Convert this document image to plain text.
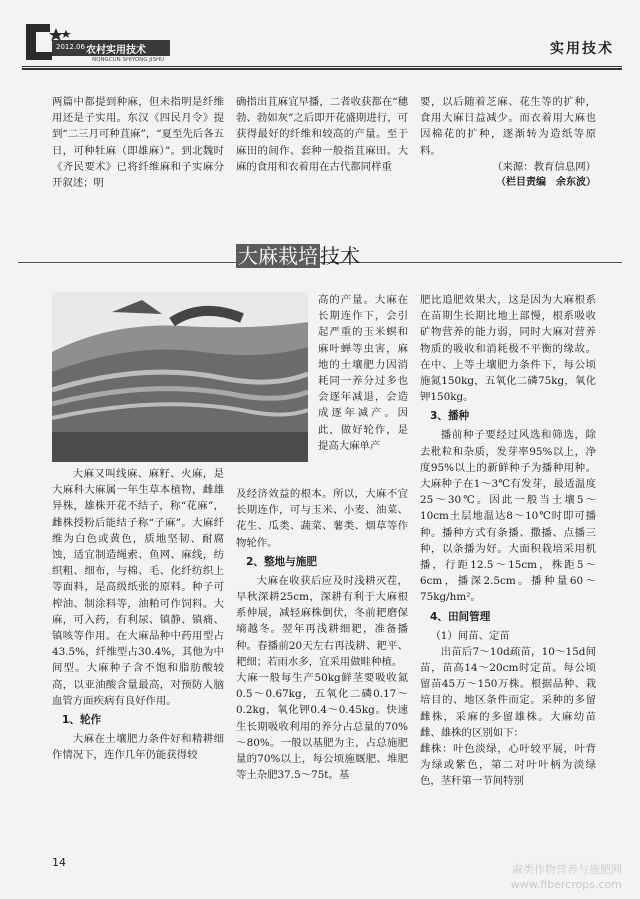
2012.06 农村实用技术
NONGCUN SHIYONG JISHU
实用技术

两篇中都提到种麻，但未指明是纤维用还是子实用。东汉《四民月令》提到“二三月可种苴麻”，“夏至先后各五日，可种牡麻（即雄麻）”。到北魏时《齐民要术》已将纤维麻和子实麻分开叙述；明

确指出苴麻宜早播，二者收获都在“穗勃、勃如灰”之后即开花盛期进行，可获得最好的纤维和较高的产量。至于麻田的间作、套种一般指苴麻田。大麻的食用和衣着用在古代都同样重

要，以后随着芝麻、花生等的扩种，食用大麻日益减少。而衣着用大麻也因棉花的扩种，逐渐转为造纸等原料。

（来源：教育信息网）

（栏目责编　余东波）

大麻栽培 技术

大麻又叫线麻、麻籽、火麻，是大麻科大麻属一年生草本植物，雌雄异株，雄株开花不结子，称“花麻”，雌株授粉后能结子称“子麻”。大麻纤维为白色或黄色，质地坚韧、耐腐蚀，适宜制造绳索、鱼网、麻线，纺织粗、细布，与棉、毛、化纤纺织上等面料，是高级纸张的原料。种子可榨油、制涂料等，油粕可作饲料。大麻，可入药，有利尿、镇静、镇痛、镇咳等作用。在大麻品种中药用型占43.5%，纤维型占30.4%，其他为中间型。大麻种子含不饱和脂肪酸较高，以亚油酸含量最高，对预防人脑血管方面疾病有良好作用。

1、轮作

大麻在土壤肥力条件好和精耕细作情况下，连作几年仍能获得较

高的产量。大麻在长期连作下，会引起严重的玉米螟和麻叶蝉等虫害，麻地的土壤肥力因消耗同一养分过多也会逐年减退，会造成逐年减产。因此，做好轮作，是提高大麻单产

及经济效益的根本。所以，大麻不宜长期连作，可与玉米、小麦、油菜、花生、瓜类、蔬菜、薯类、烟草等作物轮作。

2、整地与施肥

大麻在收获后应及时浅耕灭茬，早秋深耕25cm，深耕有利于大麻根系伸展，减轻麻株倒伏，冬前耙磨保墒越冬。翌年再浅耕细耙，准备播种。春播前20天左右再浅耕、耙平、耙细；若雨水多，宜采用做畦种植。
大麻一般每生产50kg鲜茎要吸收氮0.5～0.67kg，五氧化二磷0.17～0.2kg，氧化钾0.4～0.45kg。快速生长期吸收利用的养分占总量的70%～80%。一般以基肥为主，占总施肥量的70%以上，每公顷施厩肥、堆肥等土杂肥37.5～75t。基

肥比追肥效果大，这是因为大麻根系在苗期生长期比地上部慢，根系吸收矿物营养的能力弱，同时大麻对营养物质的吸收和消耗极不平衡的缘故。在中、上等土壤肥力条件下，每公顷施氮150kg，五氧化二磷75kg，氧化钾150kg。

3、播种

播前种子要经过风选和筛选，除去秕粒和杂质，发芽率95%以上，净度95%以上的新鲜种子为播种用种。大麻种子在1～3℃有发芽，最适温度25～30℃。因此一般当土壤5～10cm土层地温达8～10℃时即可播种。播种方式有条播、撒播、点播三种，以条播为好。大面积栽培采用机播，行距12.5～15cm，株距5～6cm，播深2.5cm。播种量60～75kg/hm²。

4、田间管理

（1）间苗、定苗

出苗后7～10d疏苗，10～15d间苗，苗高14～20cm时定苗。每公顷留苗45万～150万株。根据品种、栽培目的、地区条件而定。采种的多留雌株，采麻的多留雄株。大麻幼苗雌、雄株的区别如下：
雌株：叶色淡绿，心叶较平展，叶背为绿或紫色，第二对叶叶柄为淡绿色，茎秆第一节间特别

14
麻类作物营养与施肥网
www.fibercrops.com
